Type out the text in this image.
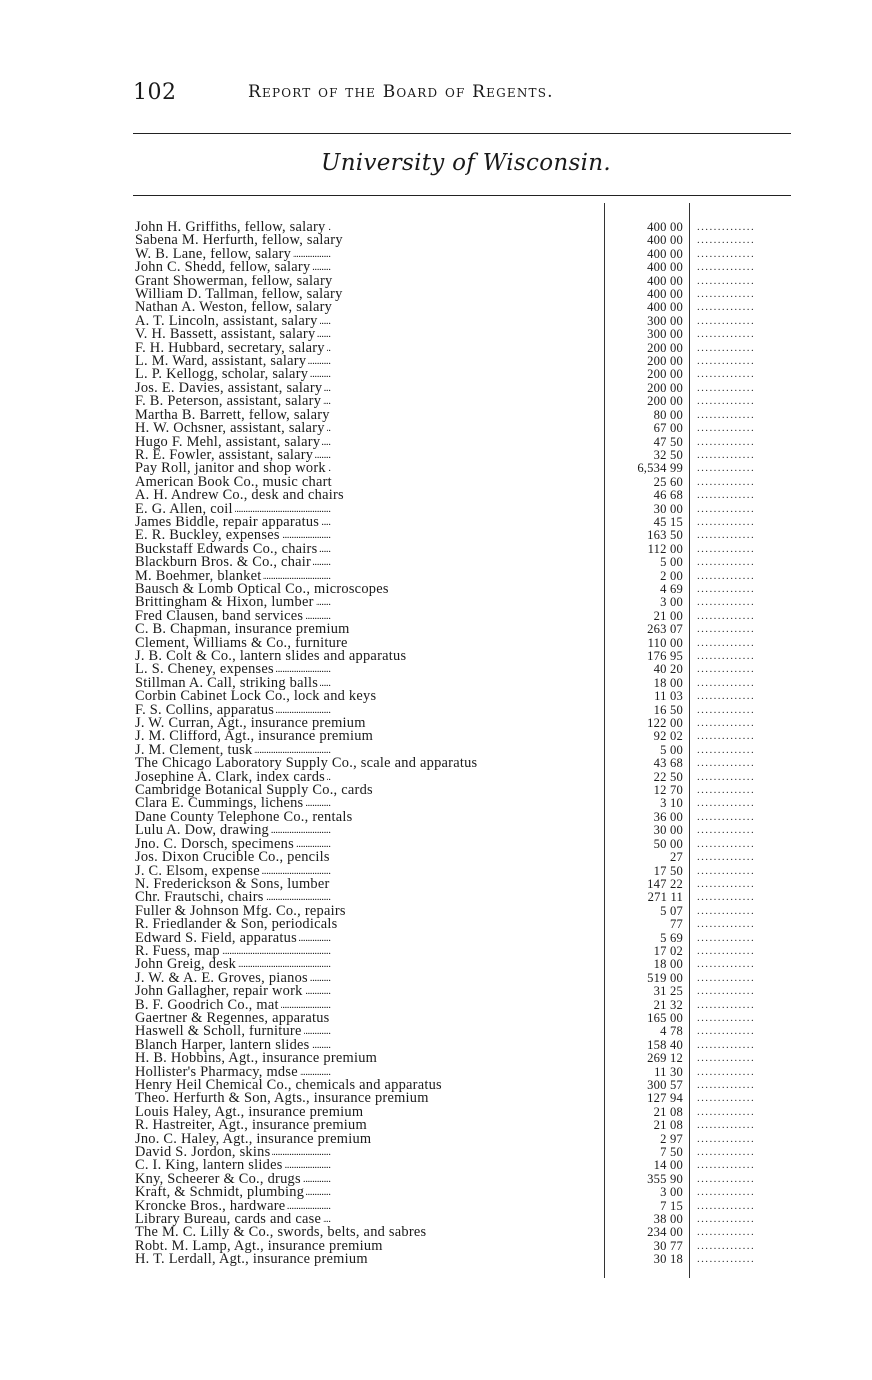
102	Report of the Board of Regents.
University of Wisconsin.
John H. Griffiths, fellow, salary . . .	400 00 ..............
Sabena M. Herfurth, fellow, salary . . .	400 00 ..............
W. B. Lane, fellow, salary . . .	400 00 ..............
John C. Shedd, fellow, salary . . .	400 00 ..............
Grant Showerman, fellow, salary . . .	400 00 ..............
William D. Tallman, fellow, salary . . .	400 00 ..............
Nathan A. Weston, fellow, salary . . .	400 00 ..............
A. T. Lincoln, assistant, salary . . .	300 00 ..............
V. H. Bassett, assistant, salary . . .	300 00 ..............
F. H. Hubbard, secretary, salary . . .	200 00 ..............
L. M. Ward, assistant, salary . . .	200 00 ..............
L. P. Kellogg, scholar, salary . . .	200 00 ..............
Jos. E. Davies, assistant, salary . . .	200 00 ..............
F. B. Peterson, assistant, salary . . .	200 00 ..............
Martha B. Barrett, fellow, salary . . .	80 00 ..............
H. W. Ochsner, assistant, salary . . .	67 00 ..............
Hugo F. Mehl, assistant, salary . . .	47 50 ..............
R. E. Fowler, assistant, salary . . .	32 50 ..............
Pay Roll, janitor and shop work . . .	6,534 99 ..............
American Book Co., music chart . . .	25 60 ..............
A. H. Andrew Co., desk and chairs . . .	46 68 ..............
E. G. Allen, coil . . .	30 00 ..............
James Biddle, repair apparatus . . .	45 15 ..............
E. R. Buckley, expenses . . .	163 50 ..............
Buckstaff Edwards Co., chairs . . .	112 00 ..............
Blackburn Bros. & Co., chair . . .	5 00 ..............
M. Boehmer, blanket . . .	2 00 ..............
Bausch & Lomb Optical Co., microscopes . . .	4 69 ..............
Brittingham & Hixon, lumber . . .	3 00 ..............
Fred Clausen, band services . . .	21 00 ..............
C. B. Chapman, insurance premium . . .	263 07 ..............
Clement, Williams & Co., furniture . . .	110 00 ..............
J. B. Colt & Co., lantern slides and apparatus . . .	176 95 ..............
L. S. Cheney, expenses . . .	40 20 ..............
Stillman A. Call, striking balls . . .	18 00 ..............
Corbin Cabinet Lock Co., lock and keys . . .	11 03 ..............
F. S. Collins, apparatus . . .	16 50 ..............
J. W. Curran, Agt., insurance premium . . .	122 00 ..............
J. M. Clifford, Agt., insurance premium . . .	92 02 ..............
J. M. Clement, tusk . . .	5 00 ..............
The Chicago Laboratory Supply Co., scale and apparatus . . .	43 68 ..............
Josephine A. Clark, index cards . . .	22 50 ..............
Cambridge Botanical Supply Co., cards . . .	12 70 ..............
Clara E. Cummings, lichens . . .	3 10 ..............
Dane County Telephone Co., rentals . . .	36 00 ..............
Lulu A. Dow, drawing . . .	30 00 ..............
Jno. C. Dorsch, specimens . . .	50 00 ..............
Jos. Dixon Crucible Co., pencils . . .	27 ..............
J. C. Elsom, expense . . .	17 50 ..............
N. Frederickson & Sons, lumber . . .	147 22 ..............
Chr. Frautschi, chairs . . .	271 11 ..............
Fuller & Johnson Mfg. Co., repairs . . .	5 07 ..............
R. Friedlander & Son, periodicals . . .	77 ..............
Edward S. Field, apparatus . . .	5 69 ..............
R. Fuess, map . . .	17 02 ..............
John Greig, desk . . .	18 00 ..............
J. W. & A. E. Groves, pianos . . .	519 00 ..............
John Gallagher, repair work . . .	31 25 ..............
B. F. Goodrich Co., mat . . .	21 32 ..............
Gaertner & Regennes, apparatus . . .	165 00 ..............
Haswell & Scholl, furniture . . .	4 78 ..............
Blanch Harper, lantern slides . . .	158 40 ..............
H. B. Hobbins, Agt., insurance premium . . .	269 12 ..............
Hollister's Pharmacy, mdse . . .	11 30 ..............
Henry Heil Chemical Co., chemicals and apparatus . . .	300 57 ..............
Theo. Herfurth & Son, Agts., insurance premium . . .	127 94 ..............
Louis Haley, Agt., insurance premium . . .	21 08 ..............
R. Hastreiter, Agt., insurance premium . . .	21 08 ..............
Jno. C. Haley, Agt., insurance premium . . .	2 97 ..............
David S. Jordon, skins . . .	7 50 ..............
C. I. King, lantern slides . . .	14 00 ..............
Kny, Scheerer & Co., drugs . . .	355 90 ..............
Kraft, & Schmidt, plumbing . . .	3 00 ..............
Kroncke Bros., hardware . . .	7 15 ..............
Library Bureau, cards and case . . .	38 00 ..............
The M. C. Lilly & Co., swords, belts, and sabres . . .	234 00 ..............
Robt. M. Lamp, Agt., insurance premium . . .	30 77 ..............
H. T. Lerdall, Agt., insurance premium . . .	30 18 ..............
